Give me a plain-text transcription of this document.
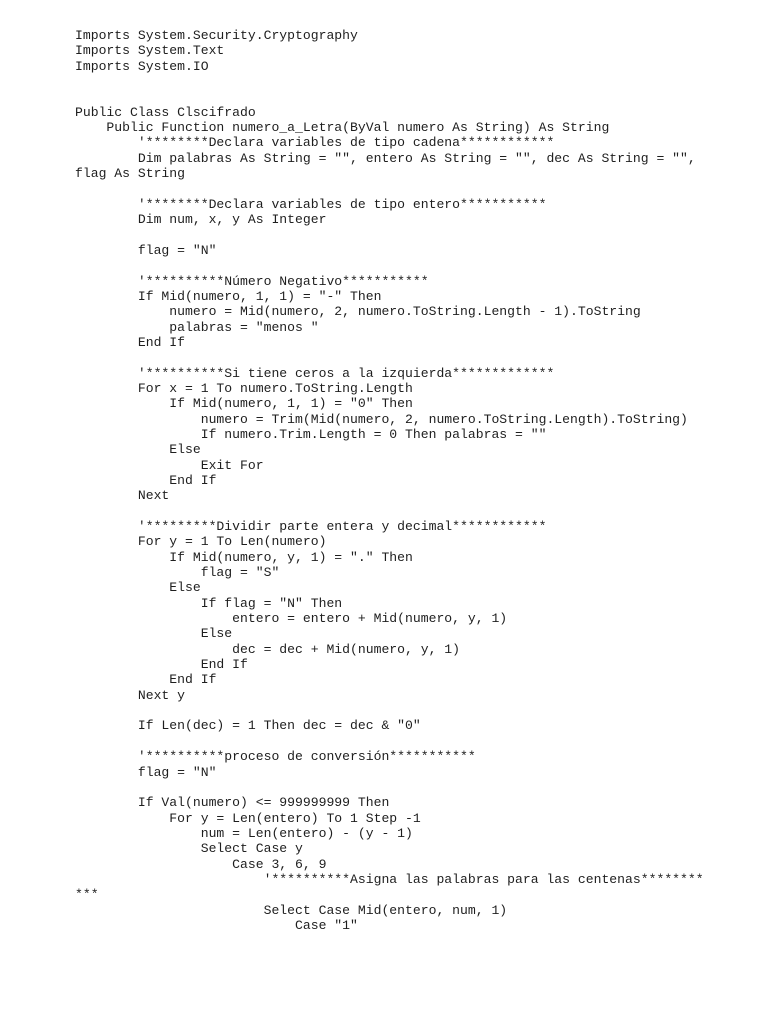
Imports System.Security.Cryptography
Imports System.Text
Imports System.IO
Public Class Clscifrado
Public Function numero_a_Letra(ByVal numero As String) As String
'********Declara variables de tipo cadena************
Dim palabras As String = "", entero As String = "", dec As String = "",
flag As String
'********Declara variables de tipo entero***********
Dim num, x, y As Integer
flag = "N"
'**********Número Negativo***********
If Mid(numero, 1, 1) = "-" Then
numero = Mid(numero, 2, numero.ToString.Length - 1).ToString
palabras = "menos "
End If
'**********Si tiene ceros a la izquierda*************
For x = 1 To numero.ToString.Length
If Mid(numero, 1, 1) = "0" Then
numero = Trim(Mid(numero, 2, numero.ToString.Length).ToString)
If numero.Trim.Length = 0 Then palabras = ""
Else
Exit For
End If
Next
'*********Dividir parte entera y decimal************
For y = 1 To Len(numero)
If Mid(numero, y, 1) = "." Then
flag = "S"
Else
If flag = "N" Then
entero = entero + Mid(numero, y, 1)
Else
dec = dec + Mid(numero, y, 1)
End If
End If
Next y
If Len(dec) = 1 Then dec = dec & "0"
'**********proceso de conversión***********
flag = "N"
If Val(numero) <= 999999999 Then
For y = Len(entero) To 1 Step -1
num = Len(entero) - (y - 1)
Select Case y
Case 3, 6, 9
'**********Asigna las palabras para las centenas********
***
Select Case Mid(entero, num, 1)
Case "1"
